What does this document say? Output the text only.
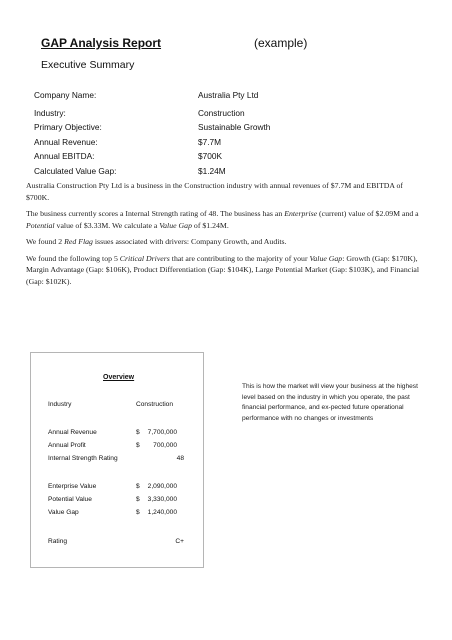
GAP Analysis Report	(example)
Executive Summary
Company Name:	Australia Pty Ltd
Industry:	Construction
Primary Objective:	Sustainable Growth
Annual Revenue:	$7.7M
Annual EBITDA:	$700K
Calculated Value Gap:	$1.24M

Australia Construction Pty Ltd is a business in the Construction industry with annual revenues of $7.7M and EBITDA of $700K.

The business currently scores a Internal Strength rating of 48. The business has an Enterprise (current) value of $2.09M and a Potential value of $3.33M. We calculate a Value Gap of $1.24M.

We found 2 Red Flag issues associated with drivers: Company Growth, and Audits.

We found the following top 5 Critical Drivers that are contributing to the majority of your Value Gap: Growth (Gap: $170K), Margin Advantage (Gap: $106K), Product Differentiation (Gap: $104K), Large Potential Market (Gap: $103K), and Financial (Gap: $102K).

Overview
Industry	Construction
Annual Revenue	$ 7,700,000
Annual Profit	$ 700,000
Internal Strength Rating	48
Enterprise Value	$ 2,090,000
Potential Value	$ 3,330,000
Value Gap	$ 1,240,000
Rating	C+
This is how the market will view your business at the highest level based on the industry in which you operate, the past financial performance, and ex-pected future operational performance with no changes or investments
